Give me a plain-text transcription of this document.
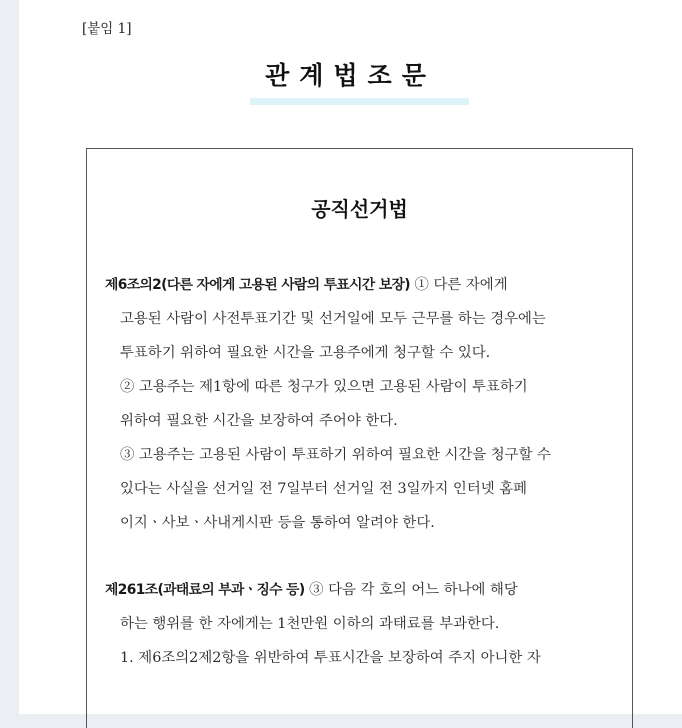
[붙임 1]
관계법조문
공직선거법
제6조의2(다른 자에게 고용된 사람의 투표시간 보장) ① 다른 자에게
고용된 사람이 사전투표기간 및 선거일에 모두 근무를 하는 경우에는
투표하기 위하여 필요한 시간을 고용주에게 청구할 수 있다.
② 고용주는 제1항에 따른 청구가 있으면 고용된 사람이 투표하기
위하여 필요한 시간을 보장하여 주어야 한다.
③ 고용주는 고용된 사람이 투표하기 위하여 필요한 시간을 청구할 수
있다는 사실을 선거일 전 7일부터 선거일 전 3일까지 인터넷 홈페
이지ㆍ사보ㆍ사내게시판 등을 통하여 알려야 한다.
제261조(과태료의 부과ㆍ징수 등) ③ 다음 각 호의 어느 하나에 해당
하는 행위를 한 자에게는 1천만원 이하의 과태료를 부과한다.
1. 제6조의2제2항을 위반하여 투표시간을 보장하여 주지 아니한 자
